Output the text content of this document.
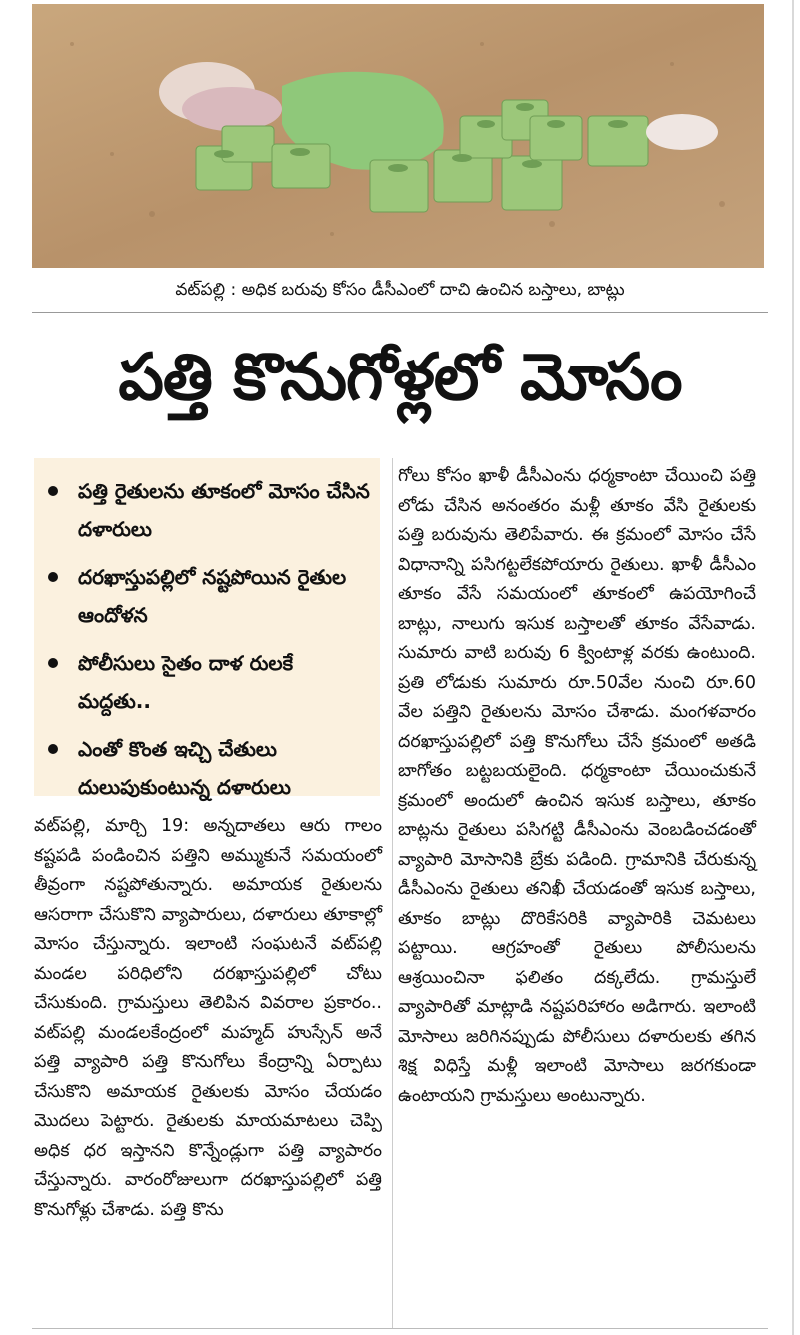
వట్‌పల్లి : అధిక బరువు కోసం డీసీఎంలో దాచి ఉంచిన బస్తాలు, బాట్లు
పత్తి కొనుగోళ్లలో మోసం
పత్తి రైతులను తూకంలో మోసం చేసిన దళారులు
దరఖాస్తుపల్లిలో నష్టపోయిన రైతుల ఆందోళన
పోలీసులు సైతం దాళ రులకే మద్దతు..
ఎంతో కొంత ఇచ్చి చేతులు దులుపుకుంటున్న దళారులు
వట్‌పల్లి, మార్చి 19: అన్నదాతలు ఆరు గాలం కష్టపడి పండించిన పత్తిని అమ్ముకునే సమయంలో తీవ్రంగా నష్టపోతున్నారు. అమాయక రైతులను ఆసరాగా చేసుకొని వ్యాపారులు, దళారులు తూకాల్లో మోసం చేస్తున్నారు. ఇలాంటి సంఘటనే వట్‌పల్లి మండల పరిధిలోని దరఖాస్తుపల్లిలో చోటు చేసుకుంది. గ్రామస్తులు తెలిపిన వివరాల ప్రకారం.. వట్‌పల్లి మండలకేంద్రంలో మహ్మద్ హుస్సేన్ అనే పత్తి వ్యాపారి పత్తి కొనుగోలు కేంద్రాన్ని ఏర్పాటు చేసుకొని అమాయక రైతులకు మోసం చేయడం మొదలు పెట్టారు. రైతులకు మాయమాటలు చెప్పి అధిక ధర ఇస్తానని కొన్నేండ్లుగా పత్తి వ్యాపారం చేస్తున్నారు. వారంరోజులుగా దరఖాస్తుపల్లిలో పత్తి కొనుగోళ్లు చేశాడు. పత్తి కొను
గోలు కోసం ఖాళీ డీసీఎంను ధర్మకాంటా చేయించి పత్తి లోడు చేసిన అనంతరం మళ్లీ తూకం వేసి రైతులకు పత్తి బరువును తెలిపేవారు. ఈ క్రమంలో మోసం చేసే విధానాన్ని పసిగట్టలేకపోయారు రైతులు. ఖాళీ డీసీఎం తూకం వేసే సమయంలో తూకంలో ఉపయోగించే బాట్లు, నాలుగు ఇసుక బస్తాలతో తూకం వేసేవాడు. సుమారు వాటి బరువు 6 క్వింటాళ్ల వరకు ఉంటుంది. ప్రతి లోడుకు సుమారు రూ.50వేల నుంచి రూ.60 వేల పత్తిని రైతులను మోసం చేశాడు. మంగళవారం దరఖాస్తుపల్లిలో పత్తి కొనుగోలు చేసే క్రమంలో అతడి బాగోతం బట్టబయలైంది. ధర్మకాంటా చేయించుకునే క్రమంలో అందులో ఉంచిన ఇసుక బస్తాలు, తూకం బాట్లను రైతులు పసిగట్టి డీసీఎంను వెంబడించడంతో వ్యాపారి మోసానికి బ్రేకు పడింది. గ్రామానికి చేరుకున్న డీసీఎంను రైతులు తనిఖీ చేయడంతో ఇసుక బస్తాలు, తూకం బాట్లు దొరికేసరికి వ్యాపారికి చెమటలు పట్టాయి. ఆగ్రహంతో రైతులు పోలీసులను ఆశ్రయించినా ఫలితం దక్కలేదు. గ్రామస్తులే వ్యాపారితో మాట్లాడి నష్టపరిహారం అడిగారు. ఇలాంటి మోసాలు జరిగినప్పుడు పోలీసులు దళారులకు తగిన శిక్ష విధిస్తే మళ్లీ ఇలాంటి మోసాలు జరగకుండా ఉంటాయని గ్రామస్తులు అంటున్నారు.
